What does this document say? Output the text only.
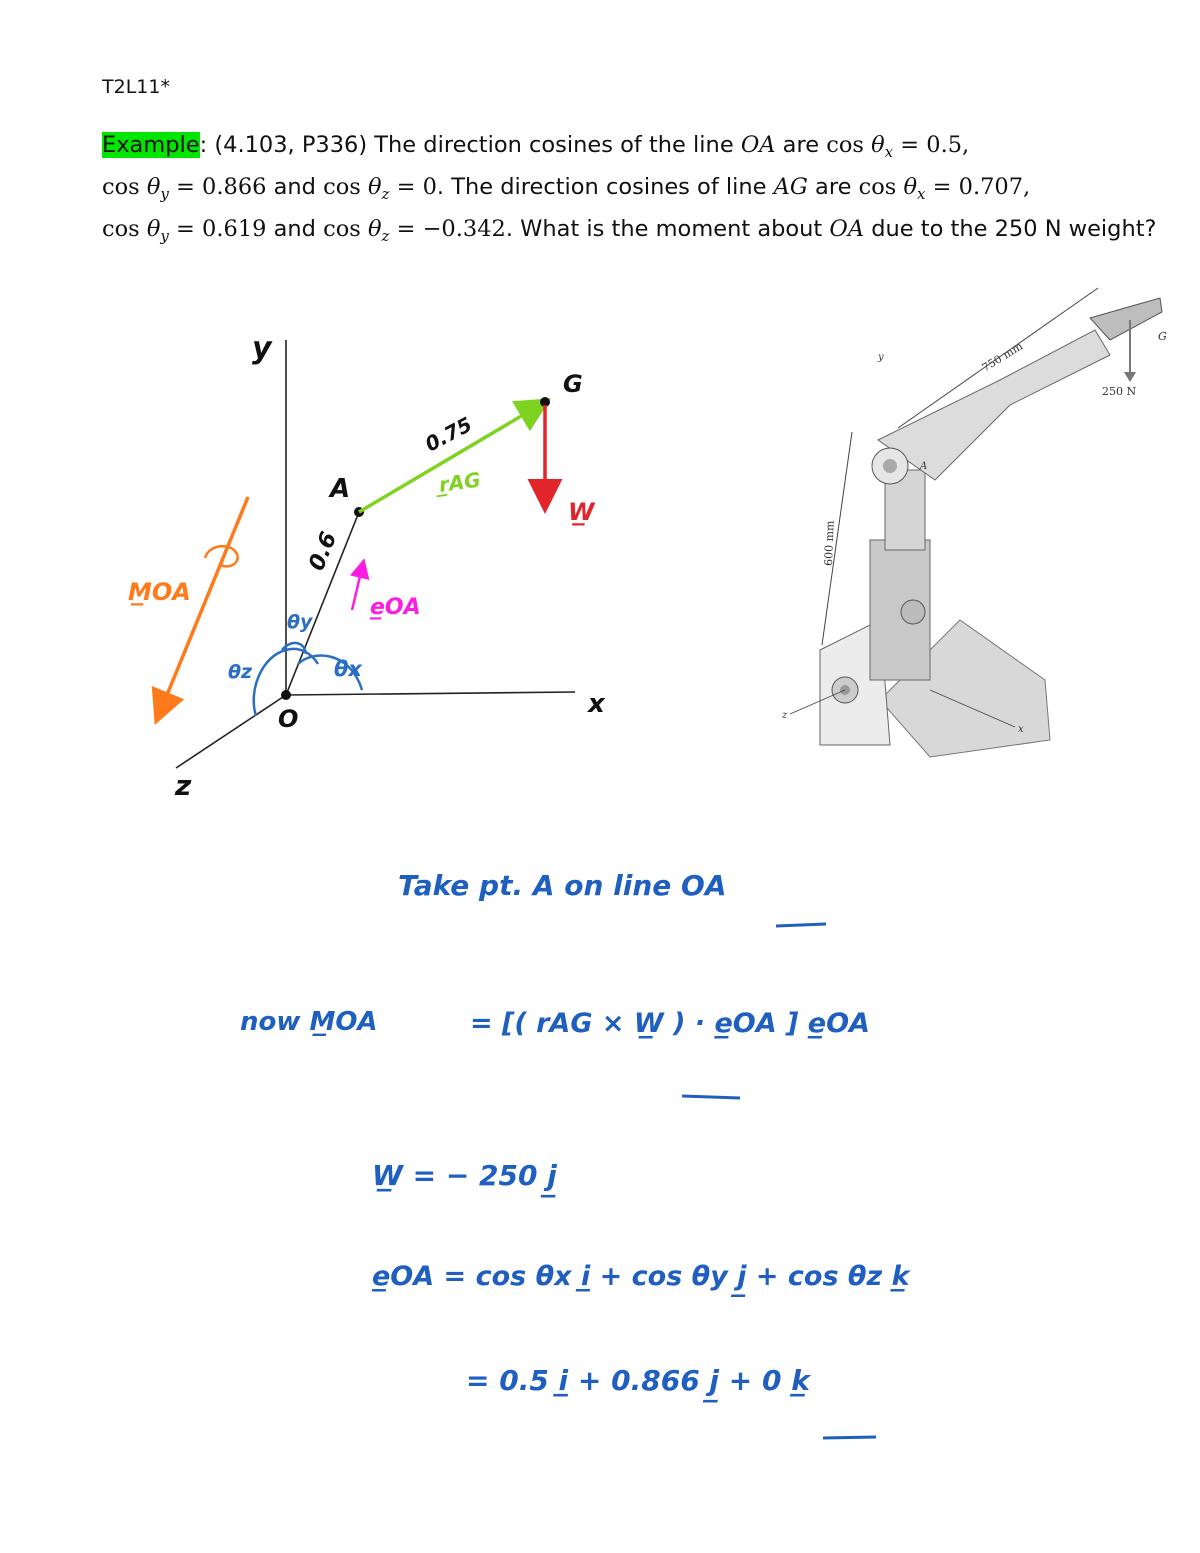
T2L11*
Example: (4.103, P336) The direction cosines of the line OA are $\cos \theta_x = 0.5$,
$\cos \theta_y = 0.866$ and $\cos \theta_z = 0$. The direction cosines of line AG are $\cos \theta_x = 0.707$,
$\cos \theta_y = 0.619$ and $\cos \theta_z = -0.342$. What is the moment about OA due to the 250 N weight?
y
x
z
O
A
0.6
G
0.75
r̲AG
W̲
e̲OA
M̲OA
θx
θy
θz
750 mm
600 mm
250 N
G
A
x
y
z
Take pt. A on line OA
now M̲OA	= [( rAG × W̲ ) · e̲OA ] e̲OA
W̲ = − 250 j̲
e̲OA = cos θx i̲ + cos θy j̲ + cos θz k̲
= 0.5 i̲ + 0.866 j̲ + 0 k̲
